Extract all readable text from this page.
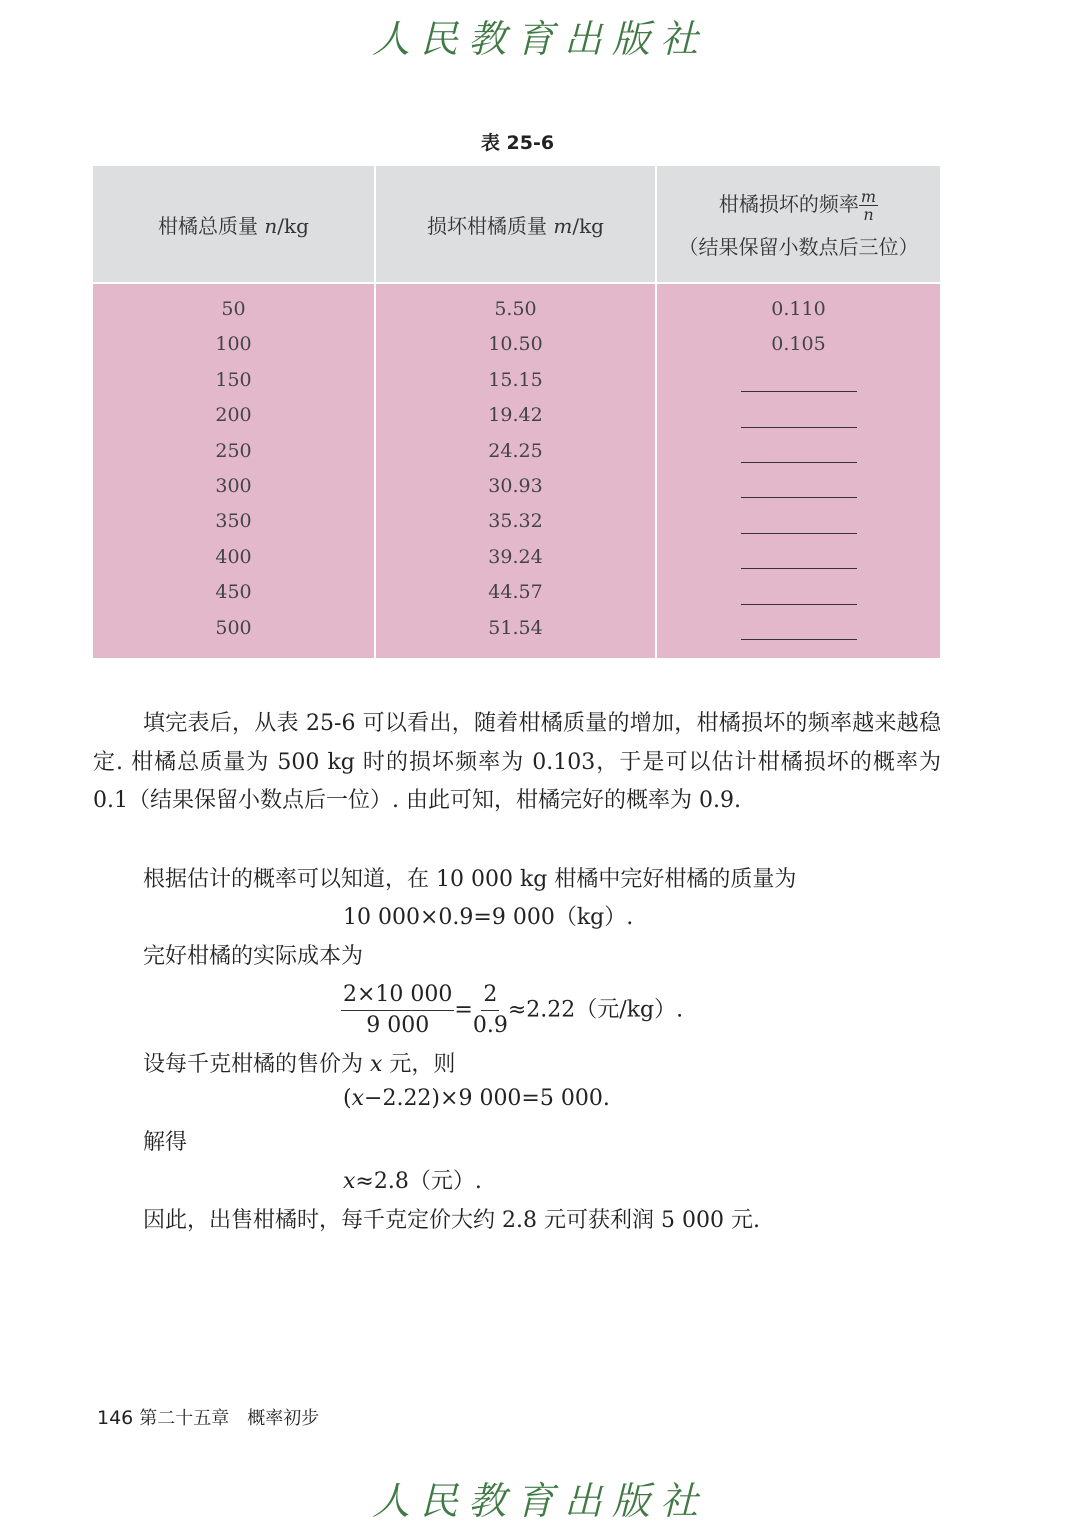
人民教育出版社
表 25-6
柑橘总质量 n/kg	损坏柑橘质量 m/kg
柑橘损坏的频率 $\frac{m}{n}$
（结果保留小数点后三位）
50
100
150
200
250
300
350
400
450
500
5.50
10.50
15.15
19.42
24.25
30.93
35.32
39.24
44.57
51.54
0.110
0.105
填完表后，从表 25-6 可以看出，随着柑橘质量的增加，柑橘损坏的频率越来越稳定. 柑橘总质量为 500 kg 时的损坏频率为 0.103，于是可以估计柑橘损坏的概率为 0.1（结果保留小数点后一位）. 由此可知，柑橘完好的概率为 0.9.
根据估计的概率可以知道，在 10 000 kg 柑橘中完好柑橘的质量为
10 000×0.9=9 000（kg）.
完好柑橘的实际成本为
$\frac{2\times 10 000}{9 000} = \frac{2}{0.9} \approx 2.22$（元/kg）.
设每千克柑橘的售价为 x 元，则
(x−2.22)×9 000=5 000.
解得
x≈2.8（元）.
因此，出售柑橘时，每千克定价大约 2.8 元可获利润 5 000 元.
146 第二十五章　概率初步
人民教育出版社
